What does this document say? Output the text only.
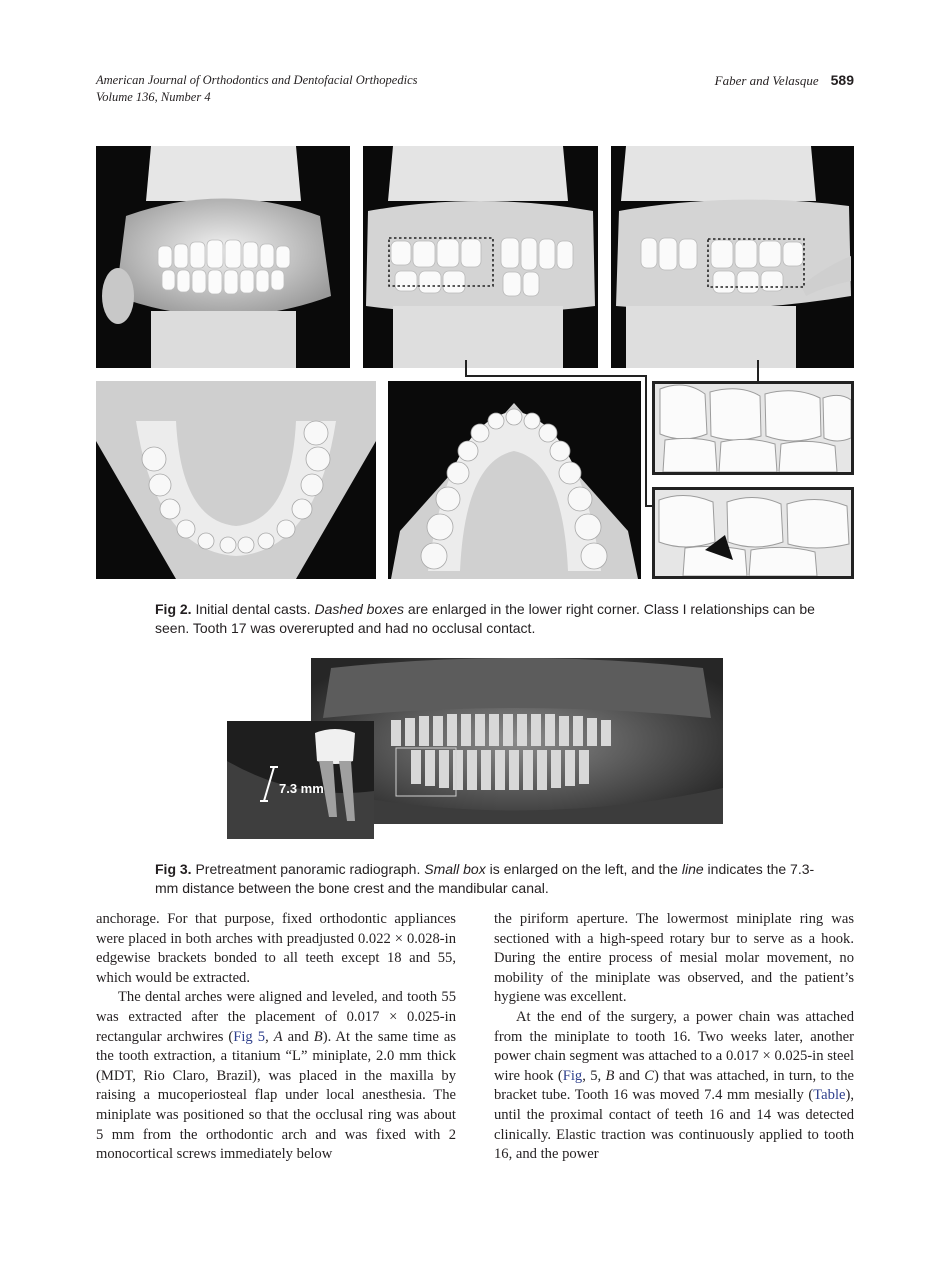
American Journal of Orthodontics and Dentofacial Orthopedics
Volume 136, Number 4
Faber and Velasque 589
Fig 2. Initial dental casts. Dashed boxes are enlarged in the lower right corner. Class I relationships can be seen. Tooth 17 was overerupted and had no occlusal contact.
7.3 mm
Fig 3. Pretreatment panoramic radiograph. Small box is enlarged on the left, and the line indicates the 7.3-mm distance between the bone crest and the mandibular canal.

anchorage. For that purpose, fixed orthodontic appliances were placed in both arches with preadjusted 0.022 × 0.028-in edgewise brackets bonded to all teeth except 18 and 55, which would be extracted.

The dental arches were aligned and leveled, and tooth 55 was extracted after the placement of 0.017 × 0.025-in rectangular archwires (Fig 5, A and B). At the same time as the tooth extraction, a titanium “L” miniplate, 2.0 mm thick (MDT, Rio Claro, Brazil), was placed in the maxilla by raising a mucoperiosteal flap under local anesthesia. The miniplate was positioned so that the occlusal ring was about 5 mm from the orthodontic arch and was fixed with 2 monocortical screws immediately below

the piriform aperture. The lowermost miniplate ring was sectioned with a high-speed rotary bur to serve as a hook. During the entire process of mesial molar movement, no mobility of the miniplate was observed, and the patient’s hygiene was excellent.

At the end of the surgery, a power chain was attached from the miniplate to tooth 16. Two weeks later, another power chain segment was attached to a 0.017 × 0.025-in steel wire hook (Fig, 5, B and C) that was attached, in turn, to the bracket tube. Tooth 16 was moved 7.4 mm mesially (Table), until the proximal contact of teeth 16 and 14 was detected clinically. Elastic traction was continuously applied to tooth 16, and the power
